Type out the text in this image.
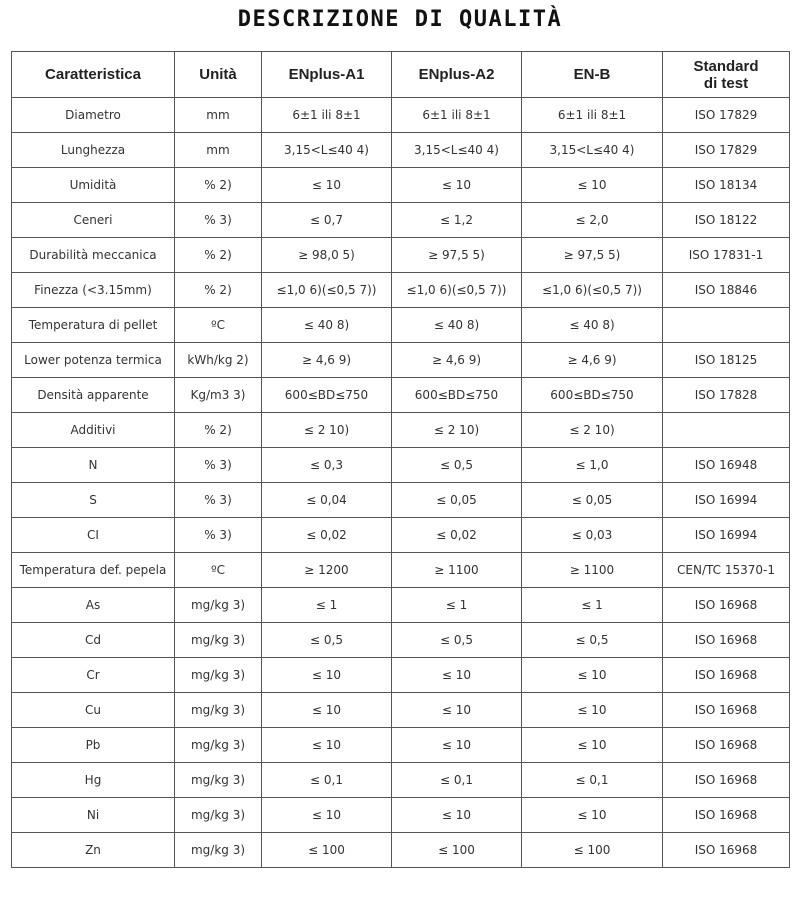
DESCRIZIONE DI QUALITÀ
Caratteristica	Unità	ENplus-A1	ENplus-A2	EN-B	Standard
di test
Diametro	mm	6±1 ili 8±1	6±1 ili 8±1	6±1 ili 8±1	ISO 17829
Lunghezza	mm	3,15<L≤40 4)	3,15<L≤40 4)	3,15<L≤40 4)	ISO 17829
Umidità	% 2)	≤ 10	≤ 10	≤ 10	ISO 18134
Ceneri	% 3)	≤ 0,7	≤ 1,2	≤ 2,0	ISO 18122
Durabilità meccanica	% 2)	≥ 98,0 5)	≥ 97,5 5)	≥ 97,5 5)	ISO 17831-1
Finezza (<3.15mm)	% 2)	≤1,0 6)(≤0,5 7))	≤1,0 6)(≤0,5 7))	≤1,0 6)(≤0,5 7))	ISO 18846
Temperatura di pellet	ºC	≤ 40 8)	≤ 40 8)	≤ 40 8)	
Lower potenza termica	kWh/kg 2)	≥ 4,6 9)	≥ 4,6 9)	≥ 4,6 9)	ISO 18125
Densità apparente	Kg/m3 3)	600≤BD≤750	600≤BD≤750	600≤BD≤750	ISO 17828
Additivi	% 2)	≤ 2 10)	≤ 2 10)	≤ 2 10)	
N	% 3)	≤ 0,3	≤ 0,5	≤ 1,0	ISO 16948
S	% 3)	≤ 0,04	≤ 0,05	≤ 0,05	ISO 16994
CI	% 3)	≤ 0,02	≤ 0,02	≤ 0,03	ISO 16994
Temperatura def. pepela	ºC	≥ 1200	≥ 1100	≥ 1100	CEN/TC 15370-1
As	mg/kg 3)	≤ 1	≤ 1	≤ 1	ISO 16968
Cd	mg/kg 3)	≤ 0,5	≤ 0,5	≤ 0,5	ISO 16968
Cr	mg/kg 3)	≤ 10	≤ 10	≤ 10	ISO 16968
Cu	mg/kg 3)	≤ 10	≤ 10	≤ 10	ISO 16968
Pb	mg/kg 3)	≤ 10	≤ 10	≤ 10	ISO 16968
Hg	mg/kg 3)	≤ 0,1	≤ 0,1	≤ 0,1	ISO 16968
Ni	mg/kg 3)	≤ 10	≤ 10	≤ 10	ISO 16968
Zn	mg/kg 3)	≤ 100	≤ 100	≤ 100	ISO 16968
